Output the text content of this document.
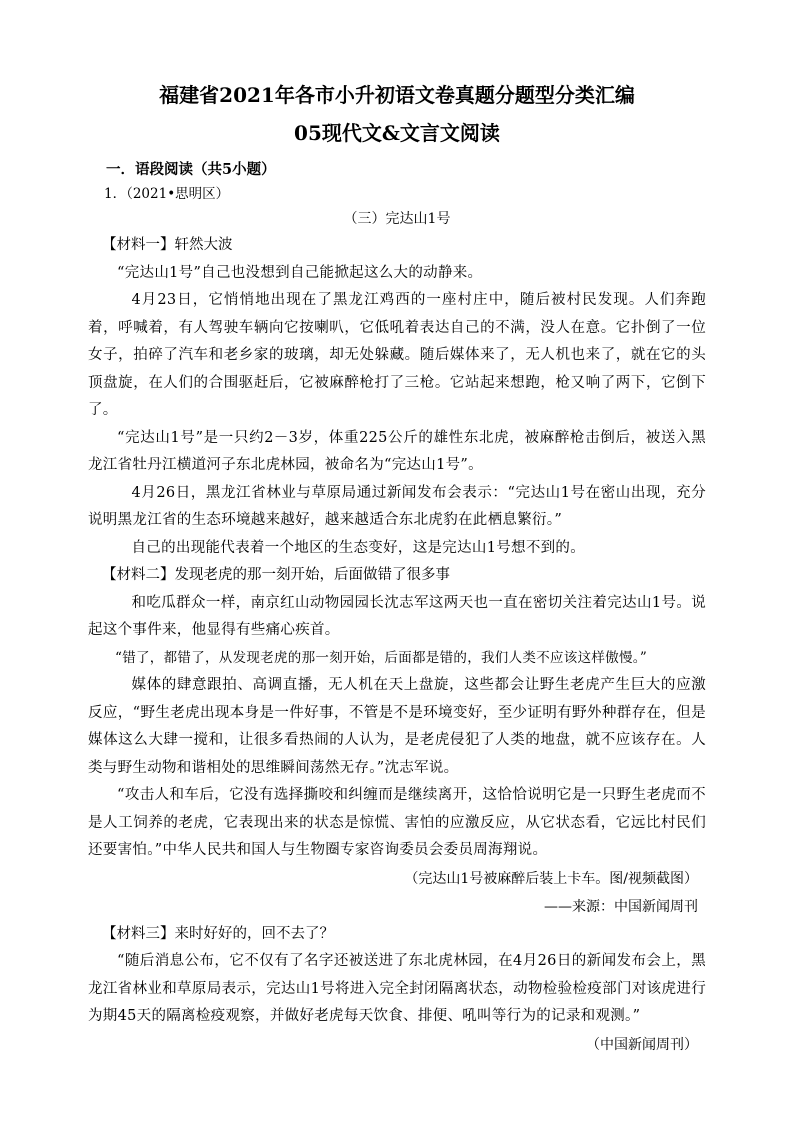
福建省2021年各市小升初语文卷真题分题型分类汇编
05现代文&文言文阅读
一．语段阅读（共5小题）
1．（2021•思明区）
（三）完达山1号
【材料一】轩然大波

“完达山1号”自己也没想到自己能掀起这么大的动静来。

4月23日，它悄悄地出现在了黑龙江鸡西的一座村庄中，随后被村民发现。人们奔跑着，呼喊着，有人驾驶车辆向它按喇叭，它低吼着表达自己的不满，没人在意。它扑倒了一位女子，拍碎了汽车和老乡家的玻璃，却无处躲藏。随后媒体来了，无人机也来了，就在它的头顶盘旋，在人们的合围驱赶后，它被麻醉枪打了三枪。它站起来想跑，枪又响了两下，它倒下了。

“完达山1号”是一只约2－3岁，体重225公斤的雄性东北虎，被麻醉枪击倒后，被送入黑龙江省牡丹江横道河子东北虎林园，被命名为“完达山1号”。

4月26日，黑龙江省林业与草原局通过新闻发布会表示：“完达山1号在密山出现，充分说明黑龙江省的生态环境越来越好，越来越适合东北虎豹在此栖息繁衍。”

自己的出现能代表着一个地区的生态变好，这是完达山1号想不到的。

【材料二】发现老虎的那一刻开始，后面做错了很多事

和吃瓜群众一样，南京红山动物园园长沈志军这两天也一直在密切关注着完达山1号。说起这个事件来，他显得有些痛心疾首。

“错了，都错了，从发现老虎的那一刻开始，后面都是错的，我们人类不应该这样傲慢。”

媒体的肆意跟拍、高调直播，无人机在天上盘旋，这些都会让野生老虎产生巨大的应激反应，“野生老虎出现本身是一件好事，不管是不是环境变好，至少证明有野外种群存在，但是媒体这么大肆一搅和，让很多看热闹的人认为，是老虎侵犯了人类的地盘，就不应该存在。人类与野生动物和谐相处的思维瞬间荡然无存。”沈志军说。

“攻击人和车后，它没有选择撕咬和纠缠而是继续离开，这恰恰说明它是一只野生老虎而不是人工饲养的老虎，它表现出来的状态是惊慌、害怕的应激反应，从它状态看，它远比村民们还要害怕。”中华人民共和国人与生物圈专家咨询委员会委员周海翔说。

（完达山1号被麻醉后装上卡车。图/视频截图）
——来源：中国新闻周刊
【材料三】来时好好的，回不去了？

“随后消息公布，它不仅有了名字还被送进了东北虎林园，在4月26日的新闻发布会上，黑龙江省林业和草原局表示，完达山1号将进入完全封闭隔离状态，动物检验检疫部门对该虎进行为期45天的隔离检疫观察，并做好老虎每天饮食、排便、吼叫等行为的记录和观测。”

（中国新闻周刊）
